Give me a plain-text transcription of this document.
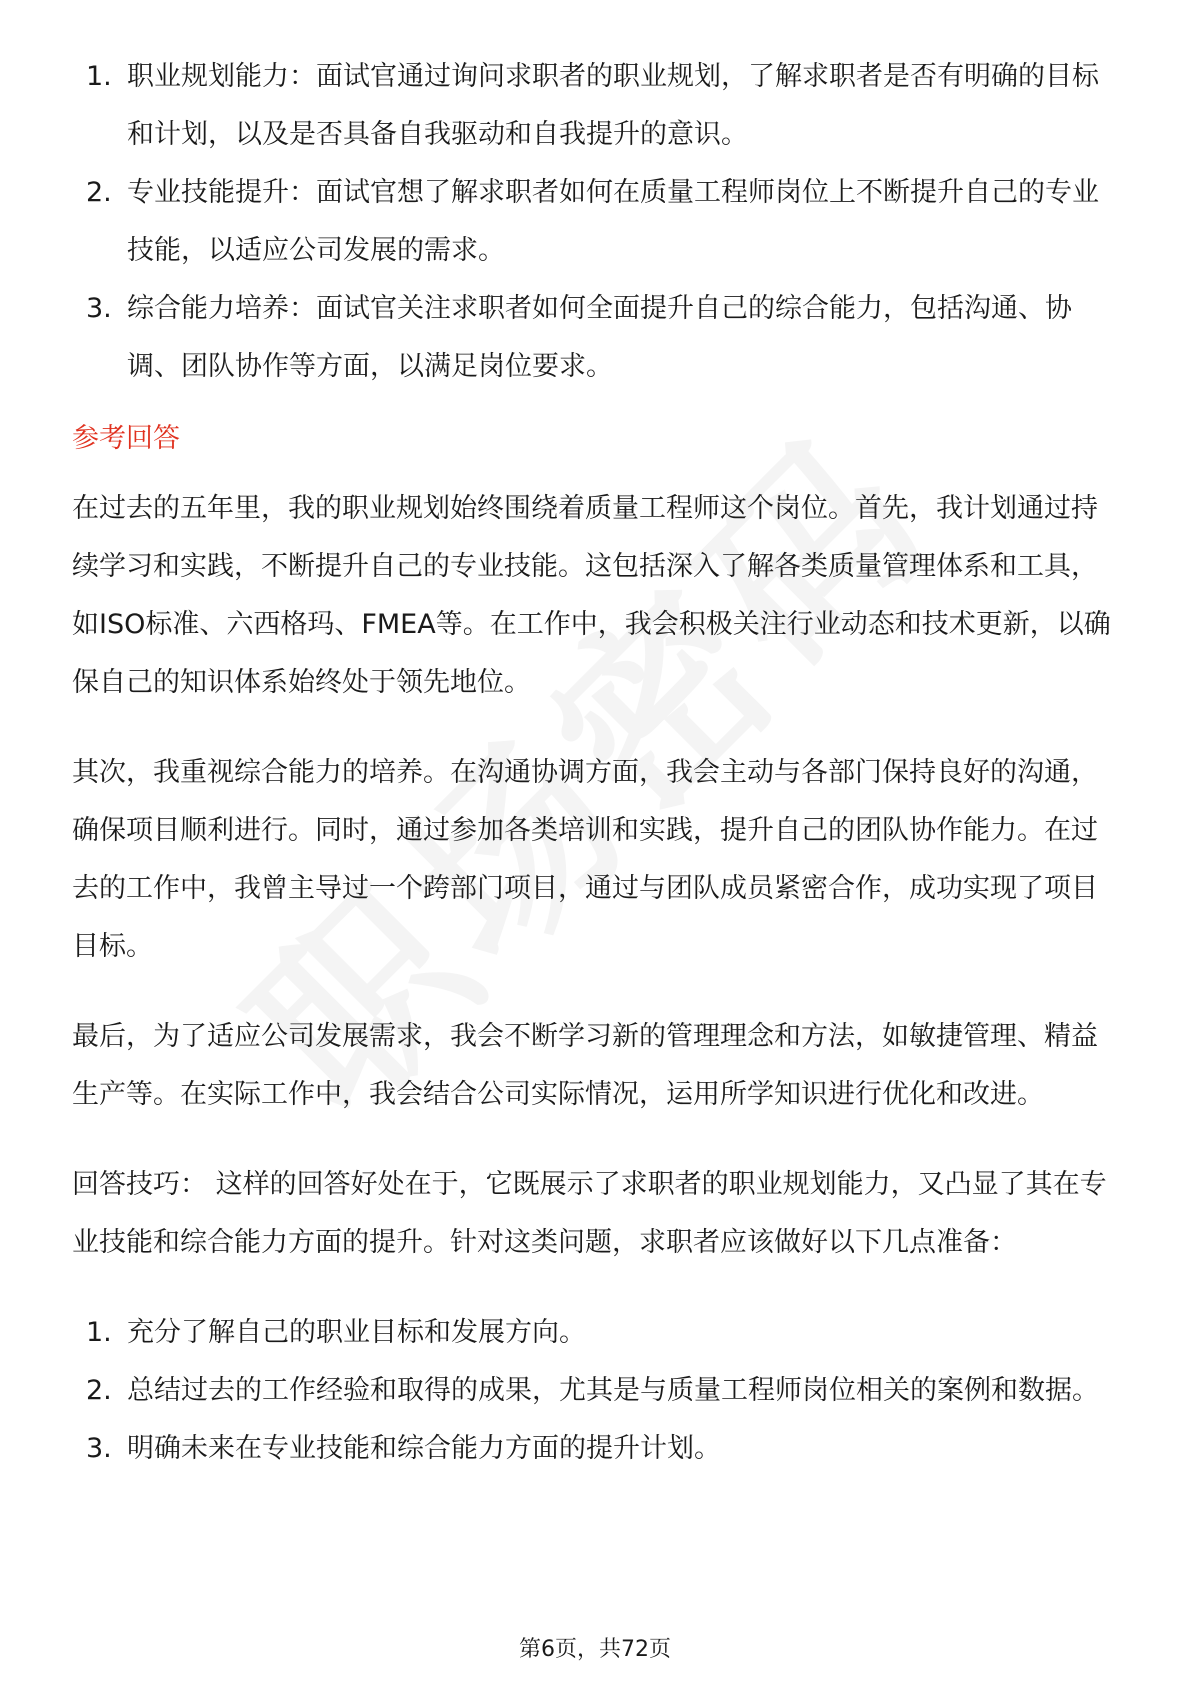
1. 职业规划能力：面试官通过询问求职者的职业规划，了解求职者是否有明确的目标和计划，以及是否具备自我驱动和自我提升的意识。
2. 专业技能提升：面试官想了解求职者如何在质量工程师岗位上不断提升自己的专业技能，以适应公司发展的需求。
3. 综合能力培养：面试官关注求职者如何全面提升自己的综合能力，包括沟通、协调、团队协作等方面，以满足岗位要求。
参考回答

在过去的五年里，我的职业规划始终围绕着质量工程师这个岗位。首先，我计划通过持续学习和实践，不断提升自己的专业技能。这包括深入了解各类质量管理体系和工具，如ISO标准、六西格玛、FMEA等。在工作中，我会积极关注行业动态和技术更新，以确保自己的知识体系始终处于领先地位。

其次，我重视综合能力的培养。在沟通协调方面，我会主动与各部门保持良好的沟通，确保项目顺利进行。同时，通过参加各类培训和实践，提升自己的团队协作能力。在过去的工作中，我曾主导过一个跨部门项目，通过与团队成员紧密合作，成功实现了项目目标。

最后，为了适应公司发展需求，我会不断学习新的管理理念和方法，如敏捷管理、精益生产等。在实际工作中，我会结合公司实际情况，运用所学知识进行优化和改进。

回答技巧： 这样的回答好处在于，它既展示了求职者的职业规划能力，又凸显了其在专业技能和综合能力方面的提升。针对这类问题，求职者应该做好以下几点准备：

1. 充分了解自己的职业目标和发展方向。
2. 总结过去的工作经验和取得的成果，尤其是与质量工程师岗位相关的案例和数据。
3. 明确未来在专业技能和综合能力方面的提升计划。
第6页，共72页
